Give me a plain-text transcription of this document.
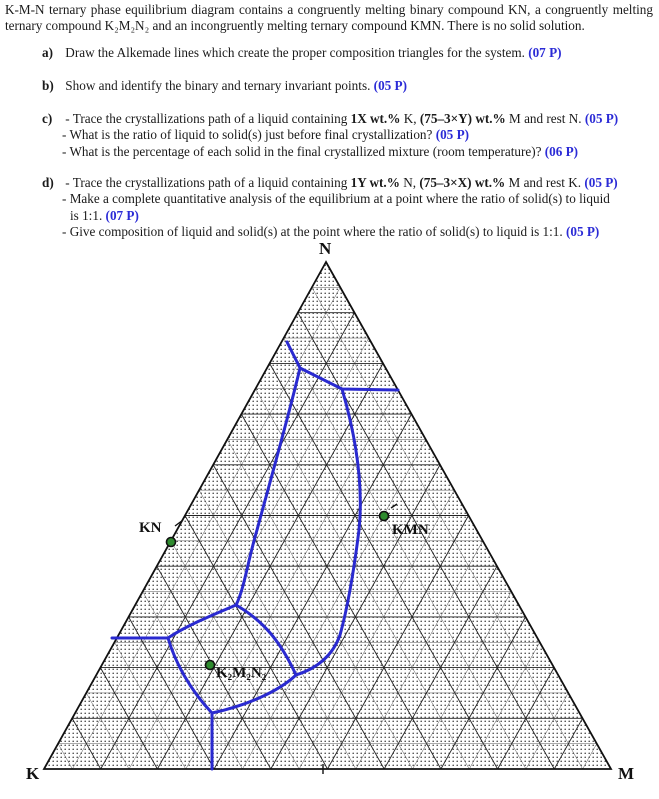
K-M-N ternary phase equilibrium diagram contains a congruently melting binary compound KN, a congruently melting ternary compound K₂M₂N₂ and an incongruently melting ternary compound KMN. There is no solid solution.
a) Draw the Alkemade lines which create the proper composition triangles for the system. (07 P)
b) Show and identify the binary and ternary invariant points. (05 P)
c) - Trace the crystallizations path of a liquid containing 1X wt.% K, (75–3×Y) wt.% M and rest N. (05 P)
- What is the ratio of liquid to solid(s) just before final crystallization? (05 P)
- What is the percentage of each solid in the final crystallized mixture (room temperature)? (06 P)
d) - Trace the crystallizations path of a liquid containing 1Y wt.% N, (75–3×X) wt.% M and rest K. (05 P)
- Make a complete quantitative analysis of the equilibrium at a point where the ratio of solid(s) to liquid
is 1:1. (07 P)
- Give composition of liquid and solid(s) at the point where the ratio of solid(s) to liquid is 1:1. (05 P)
N
K	M
KN	KMN
K₂M₂N₂
